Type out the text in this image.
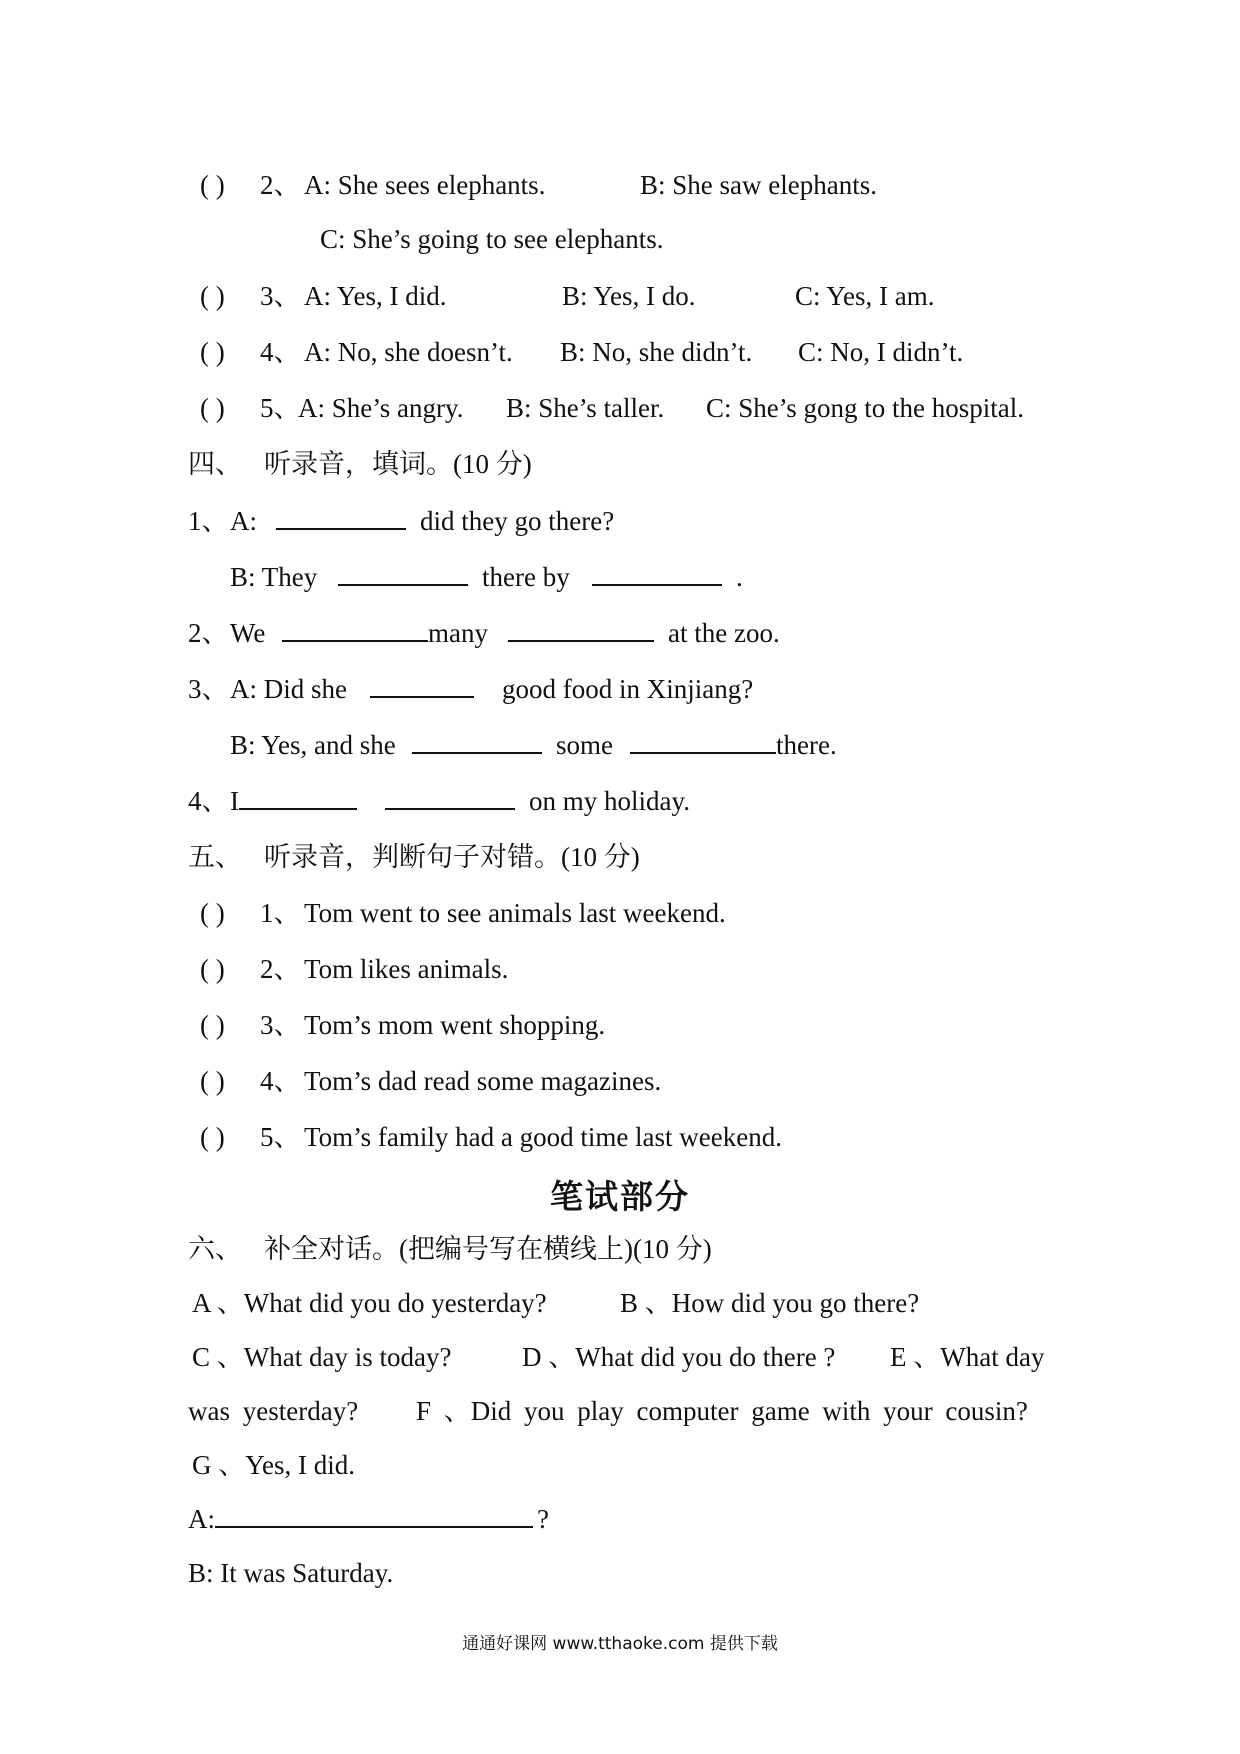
( ) 2、 A: She sees elephants.	B: She saw elephants.
C: She’s going to see elephants.
( ) 3、 A: Yes, I did.	B: Yes, I do.	C: Yes, I am.
( ) 4、 A: No, she doesn’t. B: No, she didn’t. C: No, I didn’t.
( ) 5、A: She’s angry. B: She’s taller. C: She’s gong to the hospital.
四、 听录音，填词。(10 分)
1、A:	did they go there?
B: They	there by	.
2、We	many	at the zoo.
3、A: Did she	good food in Xinjiang?
B: Yes, and she	some	there.
4、I	on my holiday.
五、 听录音，判断句子对错。(10 分)
( ) 1、 Tom went to see animals last weekend.
( ) 2、 Tom likes animals.
( ) 3、 Tom’s mom went shopping.
( ) 4、 Tom’s dad read some magazines.
( ) 5、 Tom’s family had a good time last weekend.
笔试部分
六、 补全对话。(把编号写在横线上)(10 分)
A 、What did you do yesterday?	B 、How did you go there?
C 、What day is today?	D 、What did you do there ? E 、What day
was yesterday? F 、Did you play computer game with your cousin?
G 、Yes, I did.
A:	?
B: It was Saturday.
通通好课网 www.tthaoke.com 提供下载
